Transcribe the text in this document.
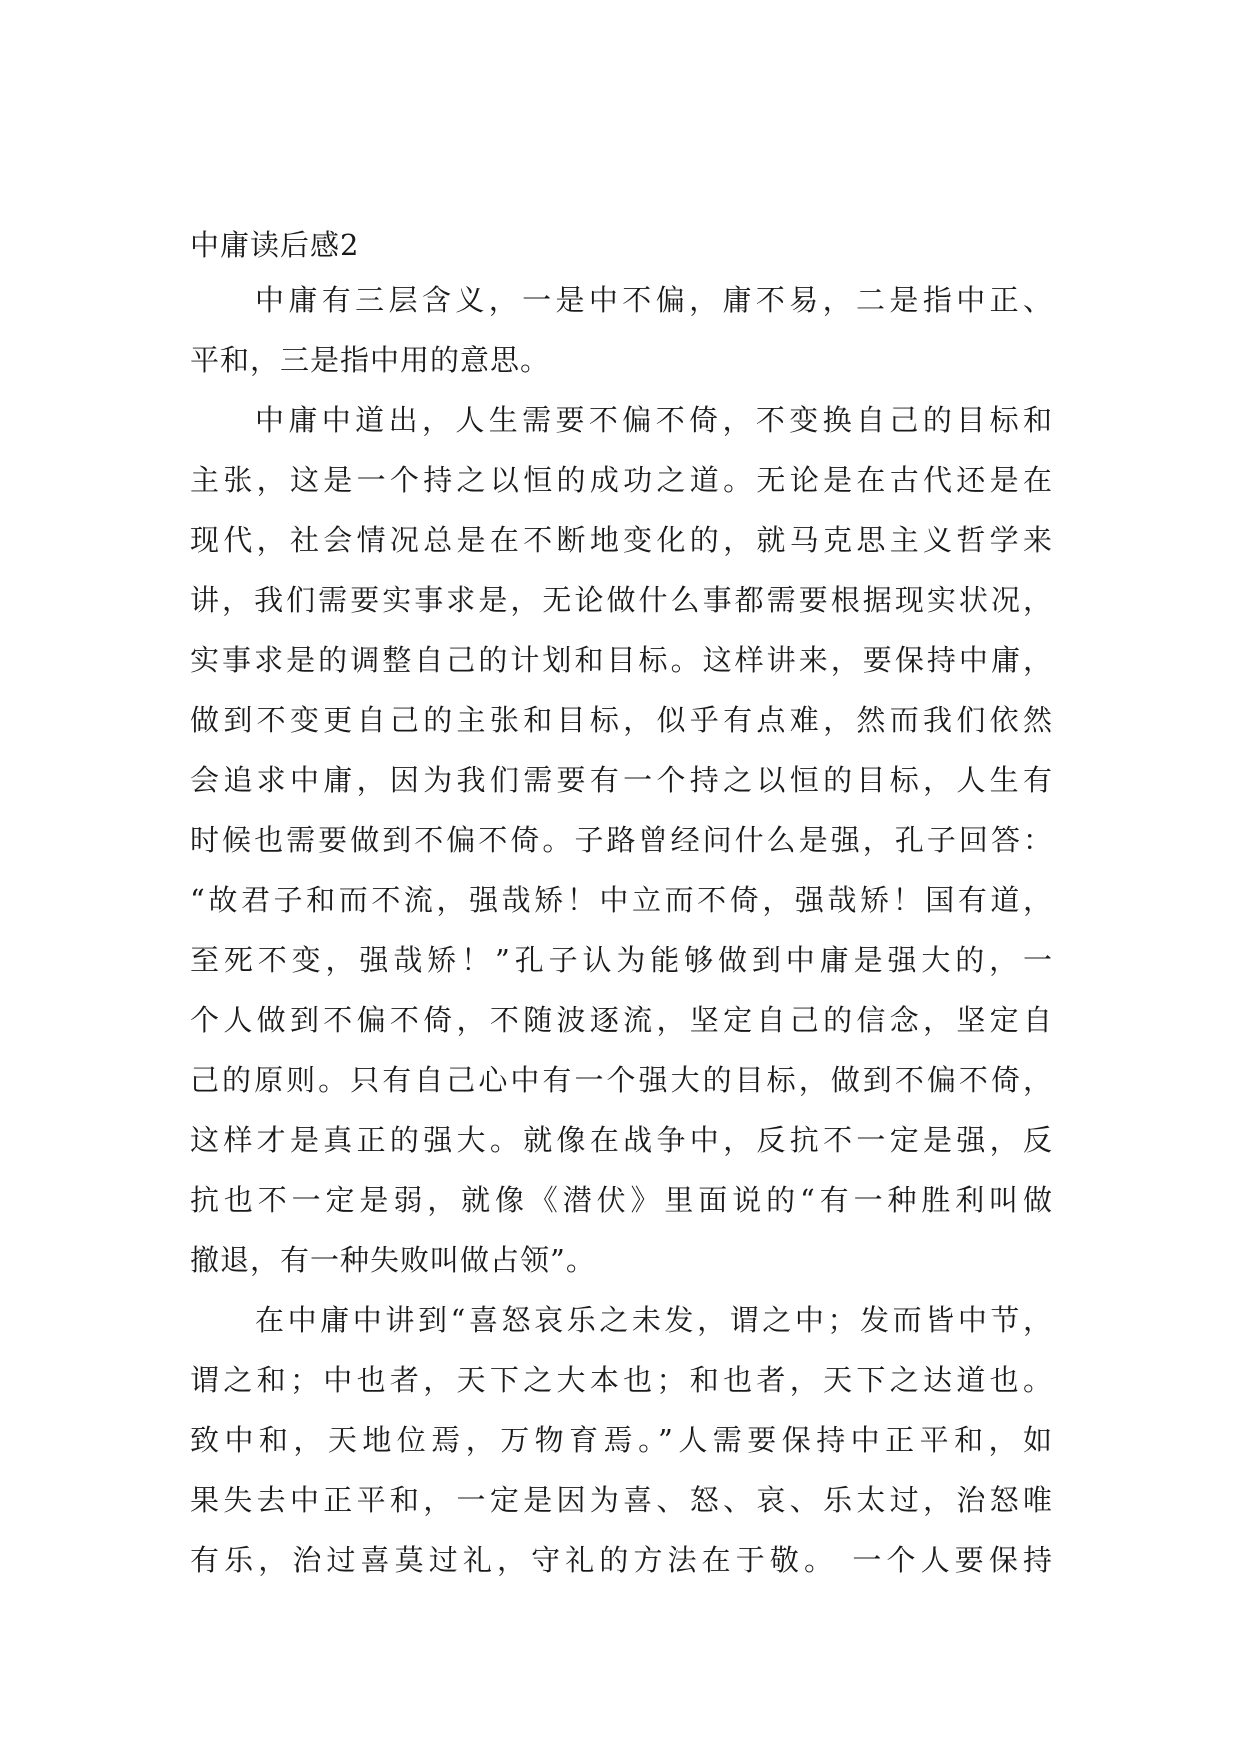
中庸读后感2
中庸有三层含义，一是中不偏，庸不易，二是指中正、
平和，三是指中用的意思。
中庸中道出，人生需要不偏不倚，不变换自己的目标和
主张，这是一个持之以恒的成功之道。无论是在古代还是在
现代，社会情况总是在不断地变化的，就马克思主义哲学来
讲，我们需要实事求是，无论做什么事都需要根据现实状况，
实事求是的调整自己的计划和目标。这样讲来，要保持中庸，
做到不变更自己的主张和目标，似乎有点难，然而我们依然
会追求中庸，因为我们需要有一个持之以恒的目标，人生有
时候也需要做到不偏不倚。子路曾经问什么是强，孔子回答：
“故君子和而不流，强哉矫！中立而不倚，强哉矫！国有道，
至死不变，强哉矫！”孔子认为能够做到中庸是强大的，一
个人做到不偏不倚，不随波逐流，坚定自己的信念，坚定自
己的原则。只有自己心中有一个强大的目标，做到不偏不倚，
这样才是真正的强大。就像在战争中，反抗不一定是强，反
抗也不一定是弱，就像《潜伏》里面说的“有一种胜利叫做
撤退，有一种失败叫做占领”。
在中庸中讲到“喜怒哀乐之未发，谓之中；发而皆中节，
谓之和；中也者，天下之大本也；和也者，天下之达道也。
致中和，天地位焉，万物育焉。”人需要保持中正平和，如
果失去中正平和，一定是因为喜、怒、哀、乐太过，治怒唯
有乐，治过喜莫过礼，守礼的方法在于敬。 一个人要保持
